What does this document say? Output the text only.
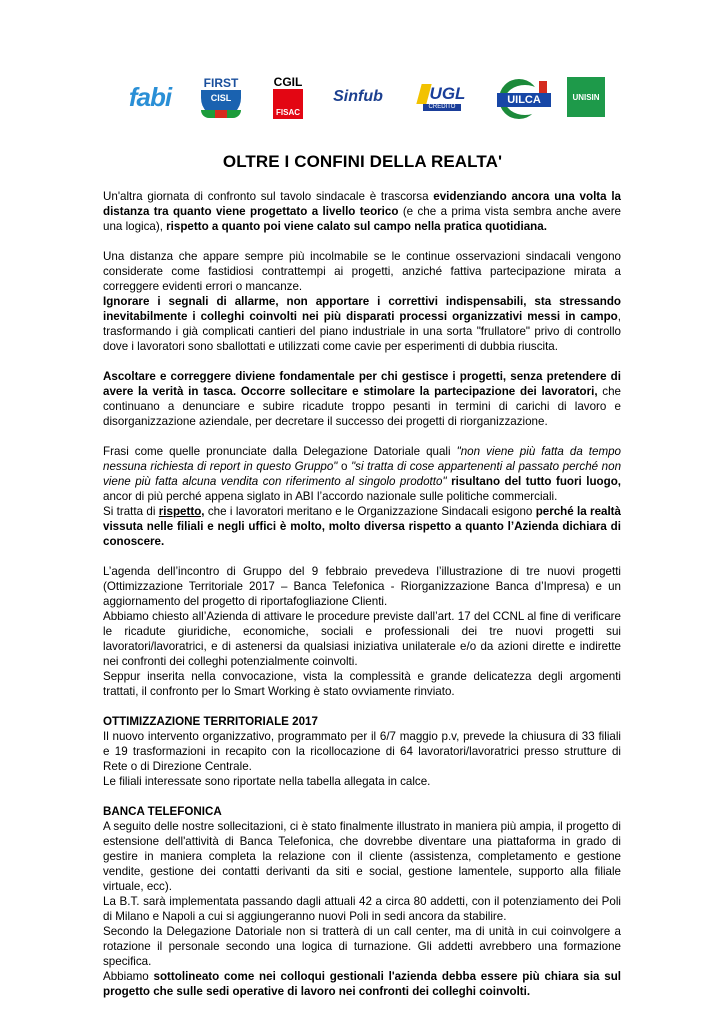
fabi	FIRST
CISL
CGIL
FISAC
Sinfub	UGL
CREDITO
UILCA	UNISIN
OLTRE I CONFINI DELLA REALTA'

Un'altra giornata di confronto sul tavolo sindacale è trascorsa evidenziando ancora una volta la distanza tra quanto viene progettato a livello teorico (e che a prima vista sembra anche avere una logica), rispetto a quanto poi viene calato sul campo nella pratica quotidiana.

Una distanza che appare sempre più incolmabile se le continue osservazioni sindacali vengono considerate come fastidiosi contrattempi ai progetti, anziché fattiva partecipazione mirata a correggere evidenti errori o mancanze.

Ignorare i segnali di allarme, non apportare i correttivi indispensabili, sta stressando inevitabilmente i colleghi coinvolti nei più disparati processi organizzativi messi in campo, trasformando i già complicati cantieri del piano industriale in una sorta "frullatore" privo di controllo dove i lavoratori sono sballottati e utilizzati come cavie per esperimenti di dubbia riuscita.

Ascoltare e correggere diviene fondamentale per chi gestisce i progetti, senza pretendere di avere la verità in tasca. Occorre sollecitare e stimolare la partecipazione dei lavoratori, che continuano a denunciare e subire ricadute troppo pesanti in termini di carichi di lavoro e disorganizzazione aziendale, per decretare il successo dei progetti di riorganizzazione.

Frasi come quelle pronunciate dalla Delegazione Datoriale quali "non viene più fatta da tempo nessuna richiesta di report in questo Gruppo" o "si tratta di cose appartenenti al passato perché non viene più fatta alcuna vendita con riferimento al singolo prodotto" risultano del tutto fuori luogo, ancor di più perché appena siglato in ABI l’accordo nazionale sulle politiche commerciali.

Si tratta di rispetto, che i lavoratori meritano e le Organizzazione Sindacali esigono perché la realtà vissuta nelle filiali e negli uffici è molto, molto diversa rispetto a quanto l’Azienda dichiara di conoscere.

L’agenda dell’incontro di Gruppo del 9 febbraio prevedeva l’illustrazione di tre nuovi progetti (Ottimizzazione Territoriale 2017 – Banca Telefonica - Riorganizzazione Banca d’Impresa) e un aggiornamento del progetto di riportafogliazione Clienti.

Abbiamo chiesto all’Azienda di attivare le procedure previste dall’art. 17 del CCNL al fine di verificare le ricadute giuridiche, economiche, sociali e professionali dei tre nuovi progetti sui lavoratori/lavoratrici, e di astenersi da qualsiasi iniziativa unilaterale e/o da azioni dirette e indirette nei confronti dei colleghi potenzialmente coinvolti.

Seppur inserita nella convocazione, vista la complessità e grande delicatezza degli argomenti trattati, il confronto per lo Smart Working è stato ovviamente rinviato.

OTTIMIZZAZIONE TERRITORIALE 2017

Il nuovo intervento organizzativo, programmato per il 6/7 maggio p.v, prevede la chiusura di 33 filiali e 19 trasformazioni in recapito con la ricollocazione di 64 lavoratori/lavoratrici presso strutture di Rete o di Direzione Centrale.

Le filiali interessate sono riportate nella tabella allegata in calce.

BANCA TELEFONICA

A seguito delle nostre sollecitazioni, ci è stato finalmente illustrato in maniera più ampia, il progetto di estensione dell'attività di Banca Telefonica, che dovrebbe diventare una piattaforma in grado di gestire in maniera completa la relazione con il cliente (assistenza, completamento e gestione vendite, gestione dei contatti derivanti da siti e social, gestione lamentele, supporto alla filiale virtuale, ecc).

La B.T. sarà implementata passando dagli attuali 42 a circa 80 addetti, con il potenziamento dei Poli di Milano e Napoli a cui si aggiungeranno nuovi Poli in sedi ancora da stabilire.

Secondo la Delegazione Datoriale non si tratterà di un call center, ma di unità in cui coinvolgere a rotazione il personale secondo una logica di turnazione. Gli addetti avrebbero una formazione specifica.

Abbiamo sottolineato come nei colloqui gestionali l'azienda debba essere più chiara sia sul progetto che sulle sedi operative di lavoro nei confronti dei colleghi coinvolti.
